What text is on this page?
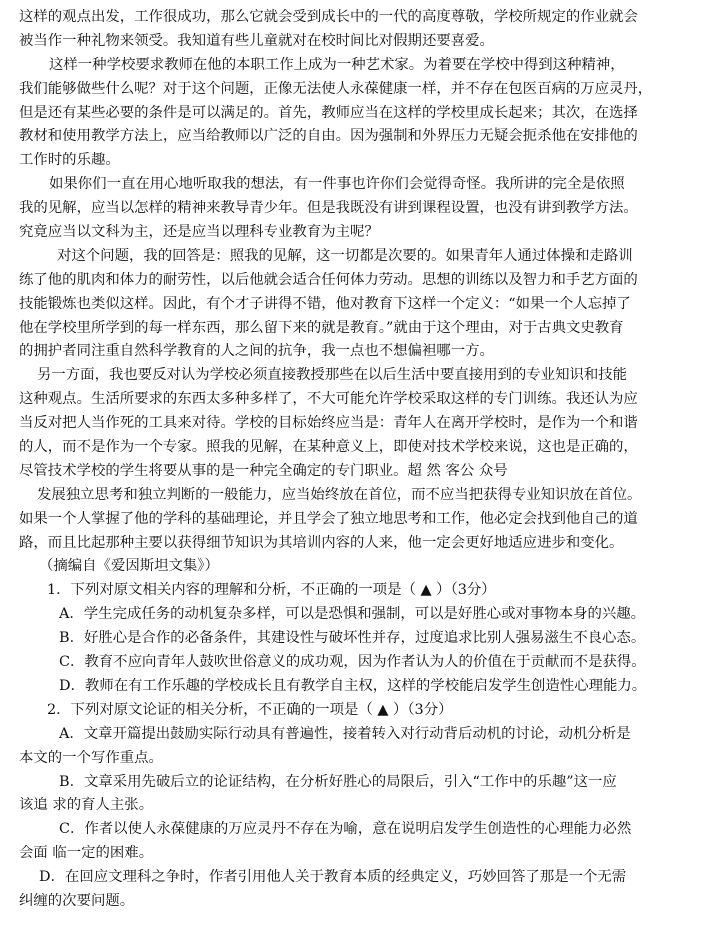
这样的观点出发，工作很成功，那么它就会受到成长中的一代的高度尊敬，学校所规定的作业就会
被当作一种礼物来领受。我知道有些儿童就对在校时间比对假期还要喜爱。
这样一种学校要求教师在他的本职工作上成为一种艺术家。为着要在学校中得到这种精神，
我们能够做些什么呢？对于这个问题，正像无法使人永葆健康一样，并不存在包医百病的万应灵丹，
但是还有某些必要的条件是可以满足的。首先，教师应当在这样的学校里成长起来；其次，在选择
教材和使用教学方法上，应当给教师以广泛的自由。因为强制和外界压力无疑会扼杀他在安排他的
工作时的乐趣。
如果你们一直在用心地听取我的想法，有一件事也许你们会觉得奇怪。我所讲的完全是依照
我的见解，应当以怎样的精神来教导青少年。但是我既没有讲到课程设置，也没有讲到教学方法。
究竟应当以文科为主，还是应当以理科专业教育为主呢？
对这个问题，我的回答是：照我的见解，这一切都是次要的。如果青年人通过体操和走路训
练了他的肌肉和体力的耐劳性，以后他就会适合任何体力劳动。思想的训练以及智力和手艺方面的
技能锻炼也类似这样。因此，有个才子讲得不错，他对教育下这样一个定义：“如果一个人忘掉了
他在学校里所学到的每一样东西，那么留下来的就是教育。”就由于这个理由，对于古典文史教育
的拥护者同注重自然科学教育的人之间的抗争，我一点也不想偏袒哪一方。
另一方面，我也要反对认为学校必须直接教授那些在以后生活中要直接用到的专业知识和技能
这种观点。生活所要求的东西太多种多样了，不大可能允许学校采取这样的专门训练。我还认为应
当反对把人当作死的工具来对待。学校的目标始终应当是：青年人在离开学校时，是作为一个和谐
的人，而不是作为一个专家。照我的见解，在某种意义上，即使对技术学校来说，这也是正确的，
尽管技术学校的学生将要从事的是一种完全确定的专门职业。超 然 客公 众号
发展独立思考和独立判断的一般能力，应当始终放在首位，而不应当把获得专业知识放在首位。
如果一个人掌握了他的学科的基础理论，并且学会了独立地思考和工作，他必定会找到他自己的道
路，而且比起那种主要以获得细节知识为其培训内容的人来，他一定会更好地适应进步和变化。
（摘编自《爱因斯坦文集》）
1．下列对原文相关内容的理解和分析，不正确的一项是（ ▲ ）（3分）
A．学生完成任务的动机复杂多样，可以是恐惧和强制，可以是好胜心或对事物本身的兴趣。
B．好胜心是合作的必备条件，其建设性与破坏性并存，过度追求比别人强易滋生不良心态。
C．教育不应向青年人鼓吹世俗意义的成功观，因为作者认为人的价值在于贡献而不是获得。
D．教师在有工作乐趣的学校成长且有教学自主权，这样的学校能启发学生创造性心理能力。
2．下列对原文论证的相关分析，不正确的一项是（ ▲ ）（3分）
A．文章开篇提出鼓励实际行动具有普遍性，接着转入对行动背后动机的讨论，动机分析是
本文的一个写作重点。
B．文章采用先破后立的论证结构，在分析好胜心的局限后，引入“工作中的乐趣”这一应
该追 求的育人主张。
C．作者以使人永葆健康的万应灵丹不存在为喻，意在说明启发学生创造性的心理能力必然
会面 临一定的困难。
D．在回应文理科之争时，作者引用他人关于教育本质的经典定义，巧妙回答了那是一个无需
纠缠的次要问题。
